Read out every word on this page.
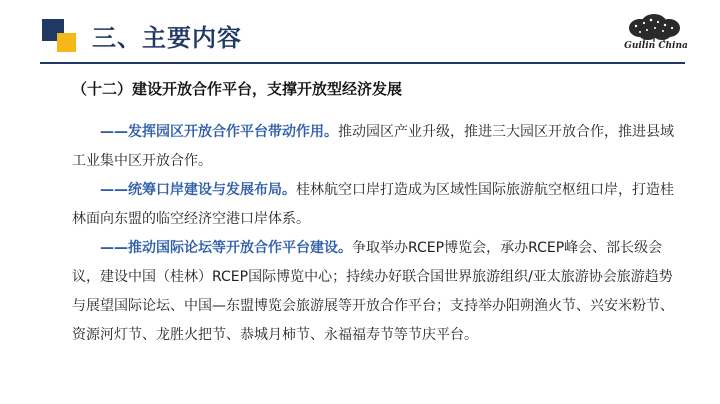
三、主要内容	Guilin China
（十二）建设开放合作平台，支撑开放型经济发展

——发挥园区开放合作平台带动作用。推动园区产业升级，推进三大园区开放合作，推进县域工业集中区开放合作。

——统筹口岸建设与发展布局。桂林航空口岸打造成为区域性国际旅游航空枢纽口岸，打造桂林面向东盟的临空经济空港口岸体系。

——推动国际论坛等开放合作平台建设。争取举办RCEP博览会，承办RCEP峰会、部长级会议，建设中国（桂林）RCEP国际博览中心；持续办好联合国世界旅游组织/亚太旅游协会旅游趋势与展望国际论坛、中国—东盟博览会旅游展等开放合作平台；支持举办阳朔渔火节、兴安米粉节、资源河灯节、龙胜火把节、恭城月柿节、永福福寿节等节庆平台。
